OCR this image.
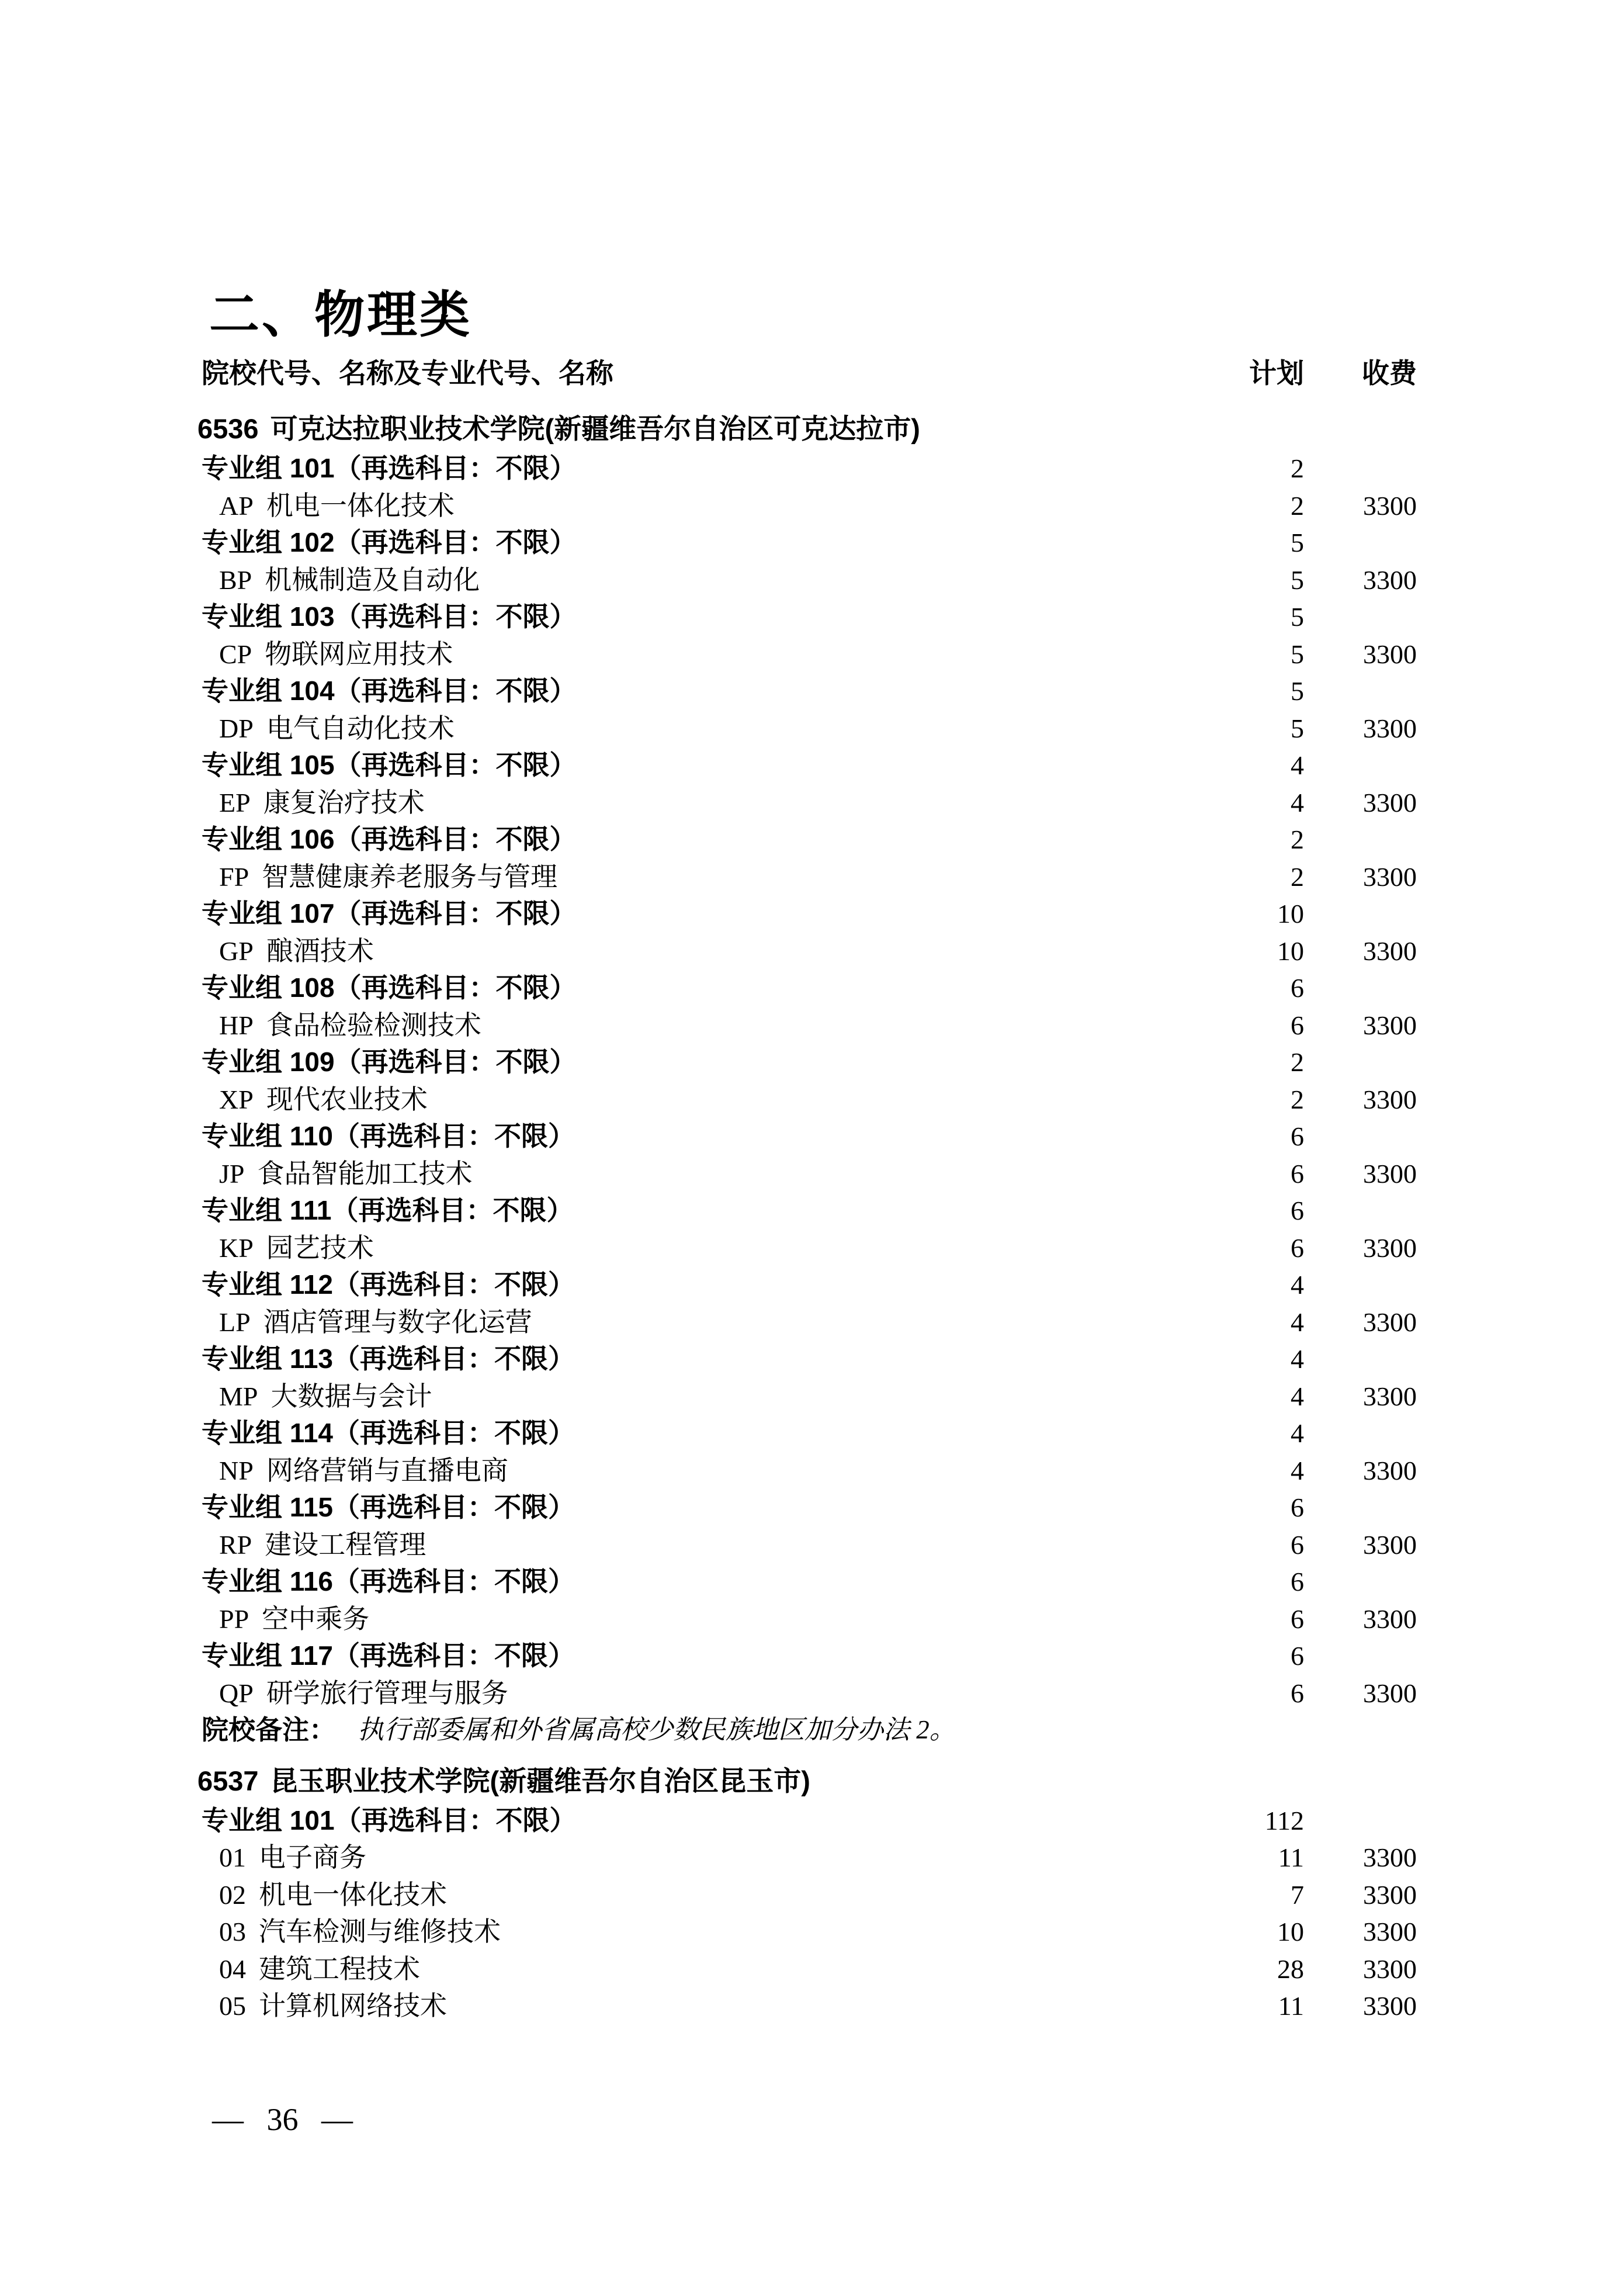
二、物理类
院校代号、名称及专业代号、名称	计划 收费
6536 可克达拉职业技术学院(新疆维吾尔自治区可克达拉市)
专业组 101（再选科目：不限）	2
AP 机电一体化技术	2 3300
专业组 102（再选科目：不限）	5
BP 机械制造及自动化	5 3300
专业组 103（再选科目：不限）	5
CP 物联网应用技术	5 3300
专业组 104（再选科目：不限）	5
DP 电气自动化技术	5 3300
专业组 105（再选科目：不限）	4
EP 康复治疗技术	4 3300
专业组 106（再选科目：不限）	2
FP 智慧健康养老服务与管理	2 3300
专业组 107（再选科目：不限）	10
GP 酿酒技术	10 3300
专业组 108（再选科目：不限）	6
HP 食品检验检测技术	6 3300
专业组 109（再选科目：不限）	2
XP 现代农业技术	2 3300
专业组 110（再选科目：不限）	6
JP 食品智能加工技术	6 3300
专业组 111（再选科目：不限）	6
KP 园艺技术	6 3300
专业组 112（再选科目：不限）	4
LP 酒店管理与数字化运营	4 3300
专业组 113（再选科目：不限）	4
MP 大数据与会计	4 3300
专业组 114（再选科目：不限）	4
NP 网络营销与直播电商	4 3300
专业组 115（再选科目：不限）	6
RP 建设工程管理	6 3300
专业组 116（再选科目：不限）	6
PP 空中乘务	6 3300
专业组 117（再选科目：不限）	6
QP 研学旅行管理与服务	6 3300
院校备注： 执行部委属和外省属高校少数民族地区加分办法 2。
6537 昆玉职业技术学院(新疆维吾尔自治区昆玉市)
专业组 101（再选科目：不限）	112
01 电子商务	11 3300
02 机电一体化技术	7 3300
03 汽车检测与维修技术	10 3300
04 建筑工程技术	28 3300
05 计算机网络技术	11 3300
— 36 —
